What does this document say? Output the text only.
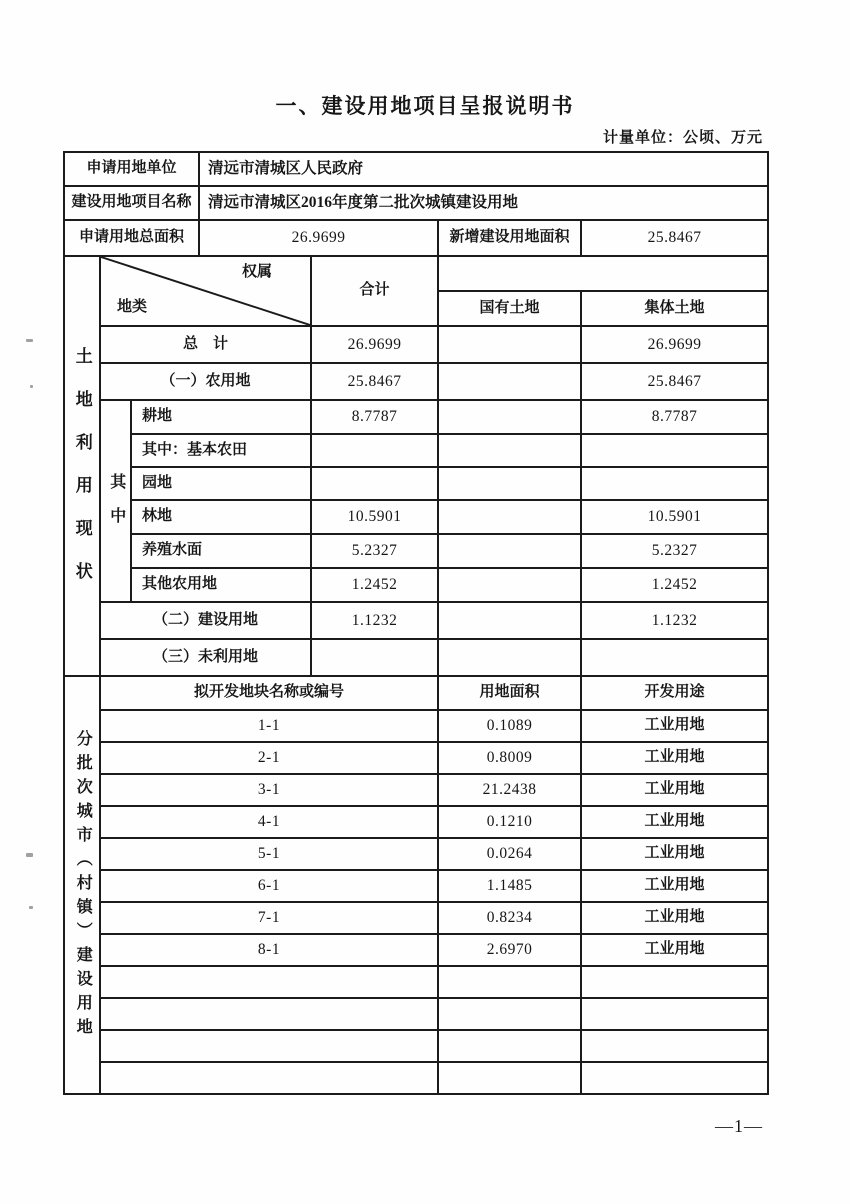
一、建设用地项目呈报说明书
计量单位：公顷、万元
申请用地单位	清远市清城区人民政府		
建设用地项目名称	清远市清城区2016年度第二批次城镇建设用地		
申请用地总面积	26.9699	新增建设用地面积	25.8467
土地利用现状	权属
地类		合计		
				国有土地	集体土地
	总　计		26.9699		26.9699
	（一）农用地		25.8467		25.8467
	其中	耕地	8.7787		8.7787
		其中：基本农田			
		园地			
		林地	10.5901		10.5901
		养殖水面	5.2327		5.2327
		其他农用地	1.2452		1.2452
	（二）建设用地		1.1232		1.1232
	（三）未利用地				
分批次城市（村镇）建设用地	拟开发地块名称或编号	用地面积	开发用途
	1-1	0.1089	工业用地
	2-1	0.8009	工业用地
	3-1	21.2438	工业用地
	4-1	0.1210	工业用地
	5-1	0.0264	工业用地
	6-1	1.1485	工业用地
	7-1	0.8234	工业用地
	8-1	2.6970	工业用地

—1—
